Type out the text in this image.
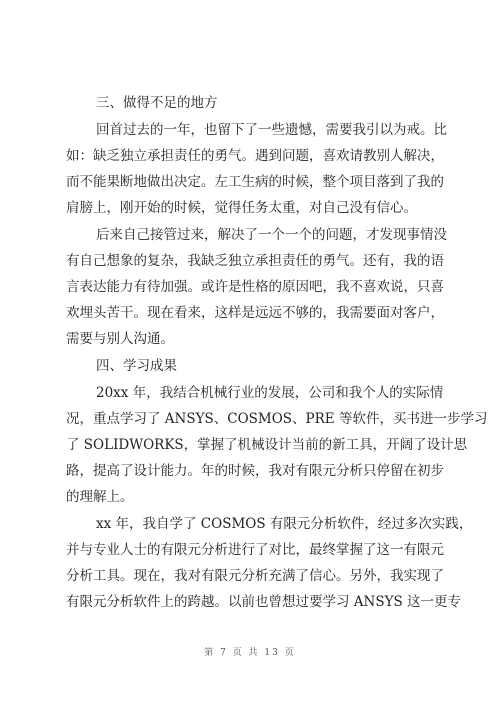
三、做得不足的地方
回首过去的一年，也留下了一些遗憾，需要我引以为戒。比
如：缺乏独立承担责任的勇气。遇到问题，喜欢请教别人解决，
而不能果断地做出决定。左工生病的时候，整个项目落到了我的
肩膀上，刚开始的时候，觉得任务太重，对自己没有信心。
后来自己接管过来，解决了一个一个的问题，才发现事情没
有自己想象的复杂，我缺乏独立承担责任的勇气。还有，我的语
言表达能力有待加强。或许是性格的原因吧，我不喜欢说，只喜
欢埋头苦干。现在看来，这样是远远不够的，我需要面对客户，
需要与别人沟通。
四、学习成果
20xx 年，我结合机械行业的发展，公司和我个人的实际情
况，重点学习了 ANSYS、COSMOS、PRE 等软件，买书进一步学习
了 SOLIDWORKS，掌握了机械设计当前的新工具，开阔了设计思
路，提高了设计能力。年的时候，我对有限元分析只停留在初步
的理解上。
xx 年，我自学了 COSMOS 有限元分析软件，经过多次实践，
并与专业人士的有限元分析进行了对比，最终掌握了这一有限元
分析工具。现在，我对有限元分析充满了信心。另外，我实现了
有限元分析软件上的跨越。以前也曾想过要学习 ANSYS 这一更专
第 7 页 共 13 页
